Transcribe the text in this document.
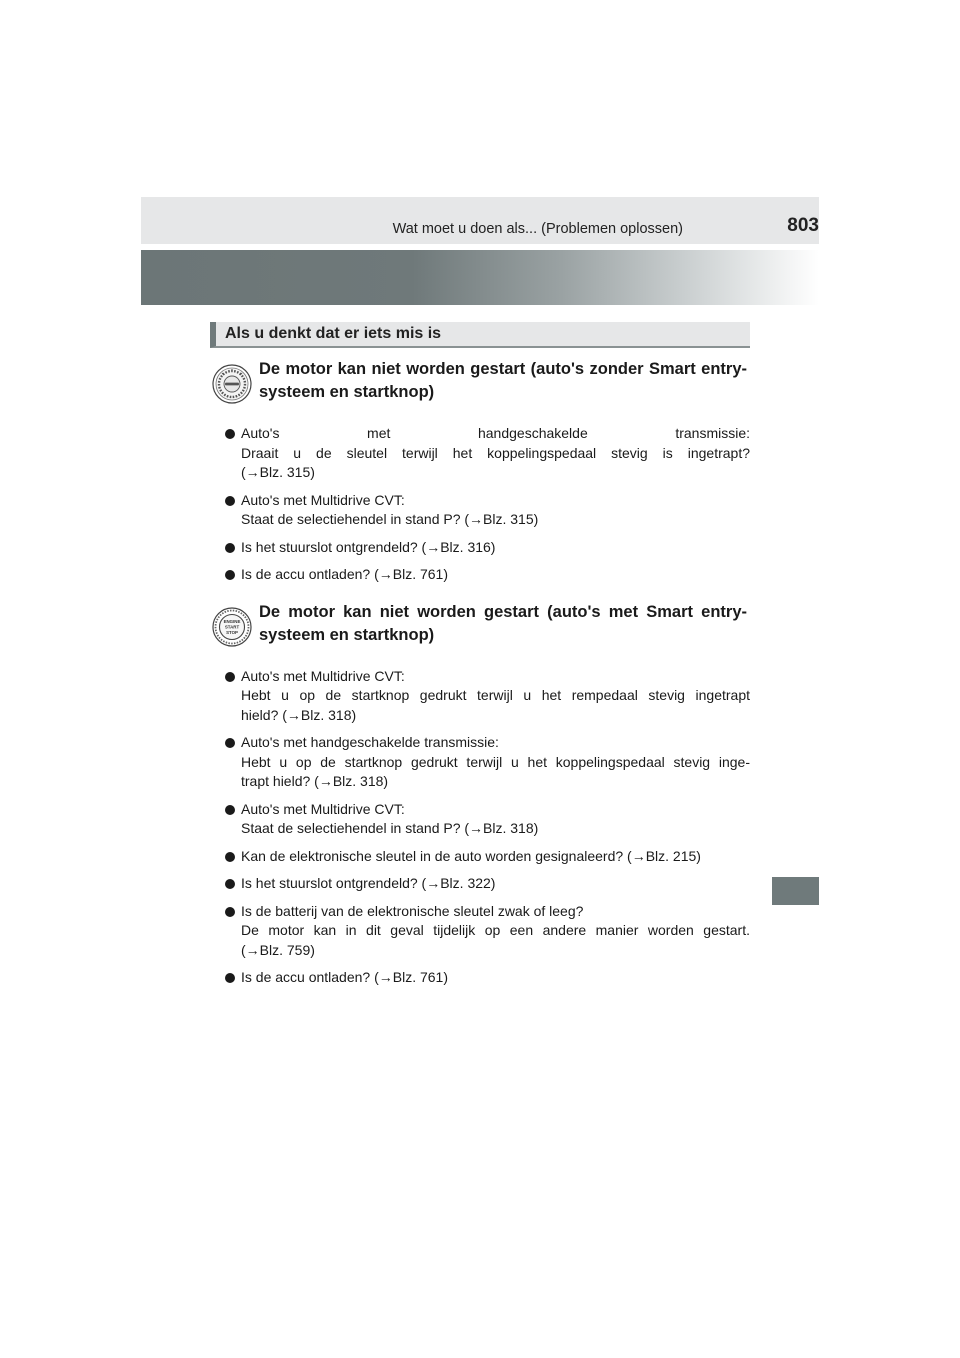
Wat moet u doen als... (Problemen oplossen)	803
Als u denkt dat er iets mis is
De motor kan niet worden gestart (auto's zonder Smart entry-systeem en startknop)
Auto's met handgeschakelde transmissie:
Draait u de sleutel terwijl het koppelingspedaal stevig is ingetrapt?
(→Blz. 315)
Auto's met Multidrive CVT:
Staat de selectiehendel in stand P? (→Blz. 315)
Is het stuurslot ontgrendeld? (→Blz. 316)
Is de accu ontladen? (→Blz. 761)
ENGINE
START
STOP
De motor kan niet worden gestart (auto's met Smart entry-systeem en startknop)
Auto's met Multidrive CVT:
Hebt u op de startknop gedrukt terwijl u het rempedaal stevig ingetrapt
hield? (→Blz. 318)
Auto's met handgeschakelde transmissie:
Hebt u op de startknop gedrukt terwijl u het koppelingspedaal stevig inge-
trapt hield? (→Blz. 318)
Auto's met Multidrive CVT:
Staat de selectiehendel in stand P? (→Blz. 318)
Kan de elektronische sleutel in de auto worden gesignaleerd? (→Blz. 215)
Is het stuurslot ontgrendeld? (→Blz. 322)
Is de batterij van de elektronische sleutel zwak of leeg?
De motor kan in dit geval tijdelijk op een andere manier worden gestart.
(→Blz. 759)
Is de accu ontladen? (→Blz. 761)
